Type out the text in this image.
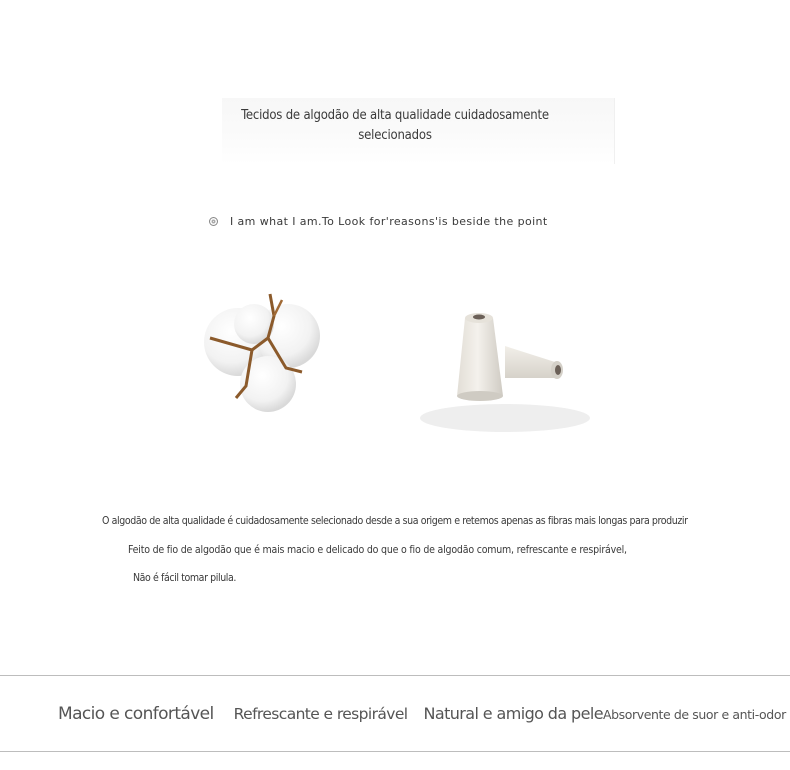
Tecidos de algodão de alta qualidade cuidadosamente selecionados
I am what I am.To Look for'reasons'is beside the point
O algodão de alta qualidade é cuidadosamente selecionado desde a sua origem e retemos apenas as fibras mais longas para produzir
Feito de fio de algodão que é mais macio e delicado do que o fio de algodão comum, refrescante e respirável,
Não é fácil tomar pilula.
Macio e confortável Refrescante e respirável Natural e amigo da pele Absorvente de suor e anti-odor
